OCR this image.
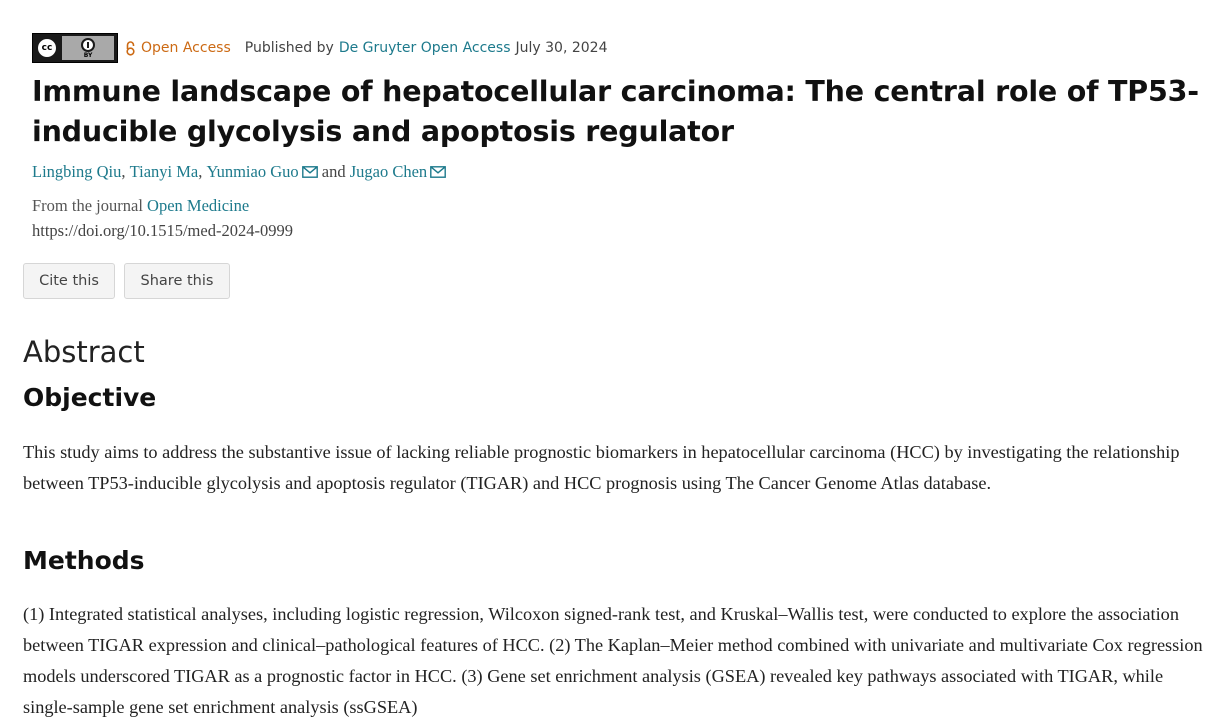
cc
BY	Open Access Published by De Gruyter Open Access July 30, 2024
Immune landscape of hepatocellular carcinoma: The central role of TP53-inducible glycolysis and apoptosis regulator
Lingbing Qiu ,
Tianyi Ma ,
Yunmiao Guo
and
Jugao Chen
From the journal Open Medicine
https://doi.org/10.1515/med-2024-0999
Cite this	Share this
Abstract
Objective

This study aims to address the substantive issue of lacking reliable prognostic biomarkers in hepatocellular carcinoma (HCC) by investigating the relationship between TP53-inducible glycolysis and apoptosis regulator (TIGAR) and HCC prognosis using The Cancer Genome Atlas database.

Methods

(1) Integrated statistical analyses, including logistic regression, Wilcoxon signed-rank test, and Kruskal–Wallis test, were conducted to explore the association between TIGAR expression and clinical–pathological features of HCC. (2) The Kaplan–Meier method combined with univariate and multivariate Cox regression models underscored TIGAR as a prognostic factor in HCC. (3) Gene set enrichment analysis (GSEA) revealed key pathways associated with TIGAR, while single-sample gene set enrichment analysis (ssGSEA)
